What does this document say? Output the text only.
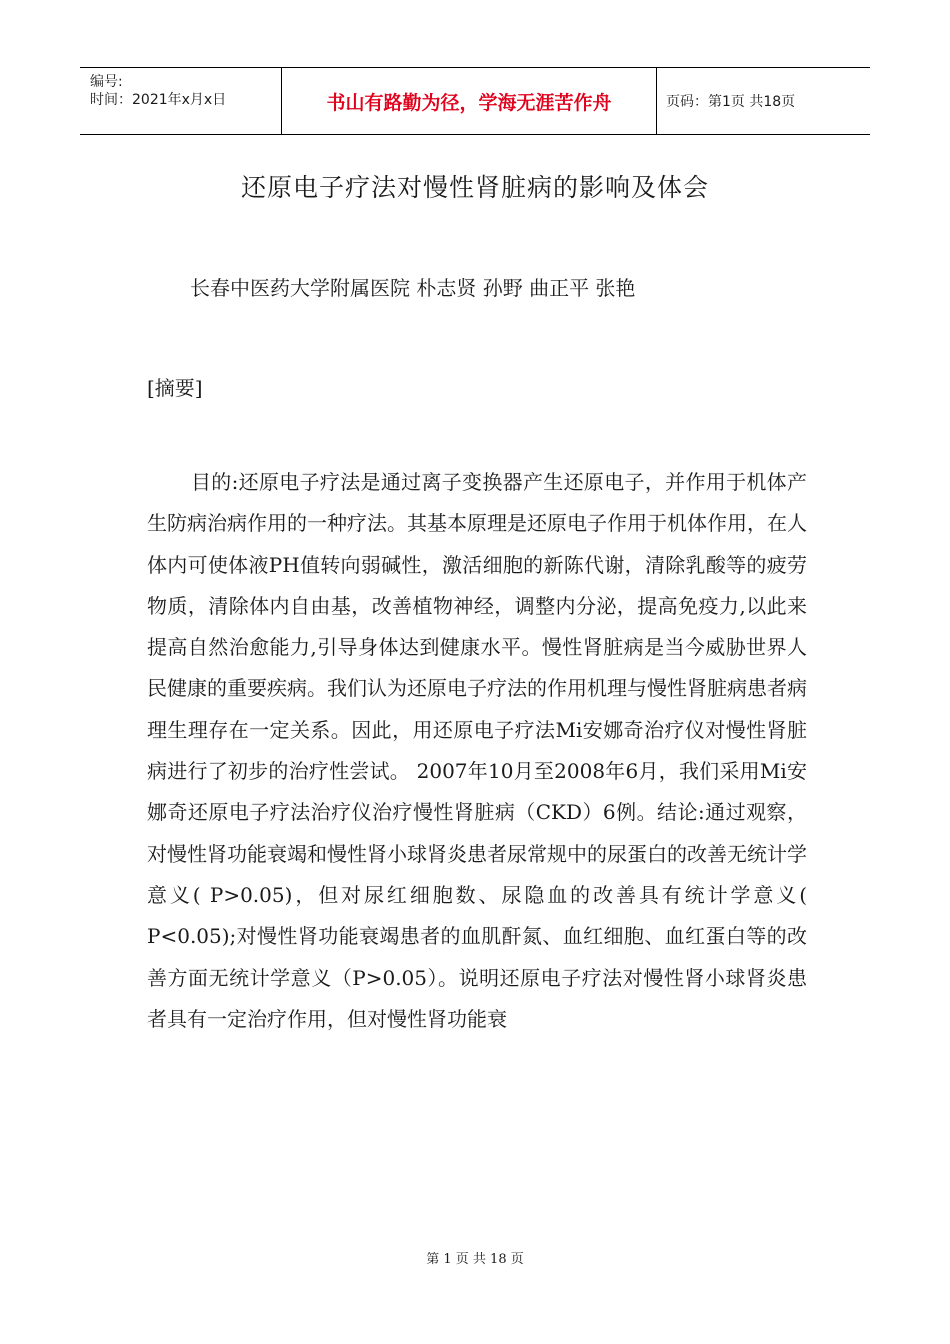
编号:
时间：2021年x月x日	书山有路勤为径，学海无涯苦作舟	页码：第1页 共18页
还原电子疗法对慢性肾脏病的影响及体会
长春中医药大学附属医院 朴志贤 孙野 曲正平 张艳
[摘要]

目的:还原电子疗法是通过离子变换器产生还原电子，并作用于机体产生防病治病作用的一种疗法。其基本原理是还原电子作用于机体作用，在人体内可使体液PH值转向弱碱性，激活细胞的新陈代谢，清除乳酸等的疲劳物质，清除体内自由基，改善植物神经，调整内分泌，提高免疫力,以此来提高自然治愈能力,引导身体达到健康水平。慢性肾脏病是当今威胁世界人民健康的重要疾病。我们认为还原电子疗法的作用机理与慢性肾脏病患者病理生理存在一定关系。因此，用还原电子疗法Mi安娜奇治疗仪对慢性肾脏病进行了初步的治疗性尝试。 2007年10月至2008年6月，我们采用Mi安娜奇还原电子疗法治疗仪治疗慢性肾脏病（CKD）6例。结论:通过观察，对慢性肾功能衰竭和慢性肾小球肾炎患者尿常规中的尿蛋白的改善无统计学意义( P>0.05)，但对尿红细胞数、尿隐血的改善具有统计学意义( P<0.05);对慢性肾功能衰竭患者的血肌酐氮、血红细胞、血红蛋白等的改善方面无统计学意义（P>0.05）。说明还原电子疗法对慢性肾小球肾炎患者具有一定治疗作用，但对慢性肾功能衰

第 1 页 共 18 页
